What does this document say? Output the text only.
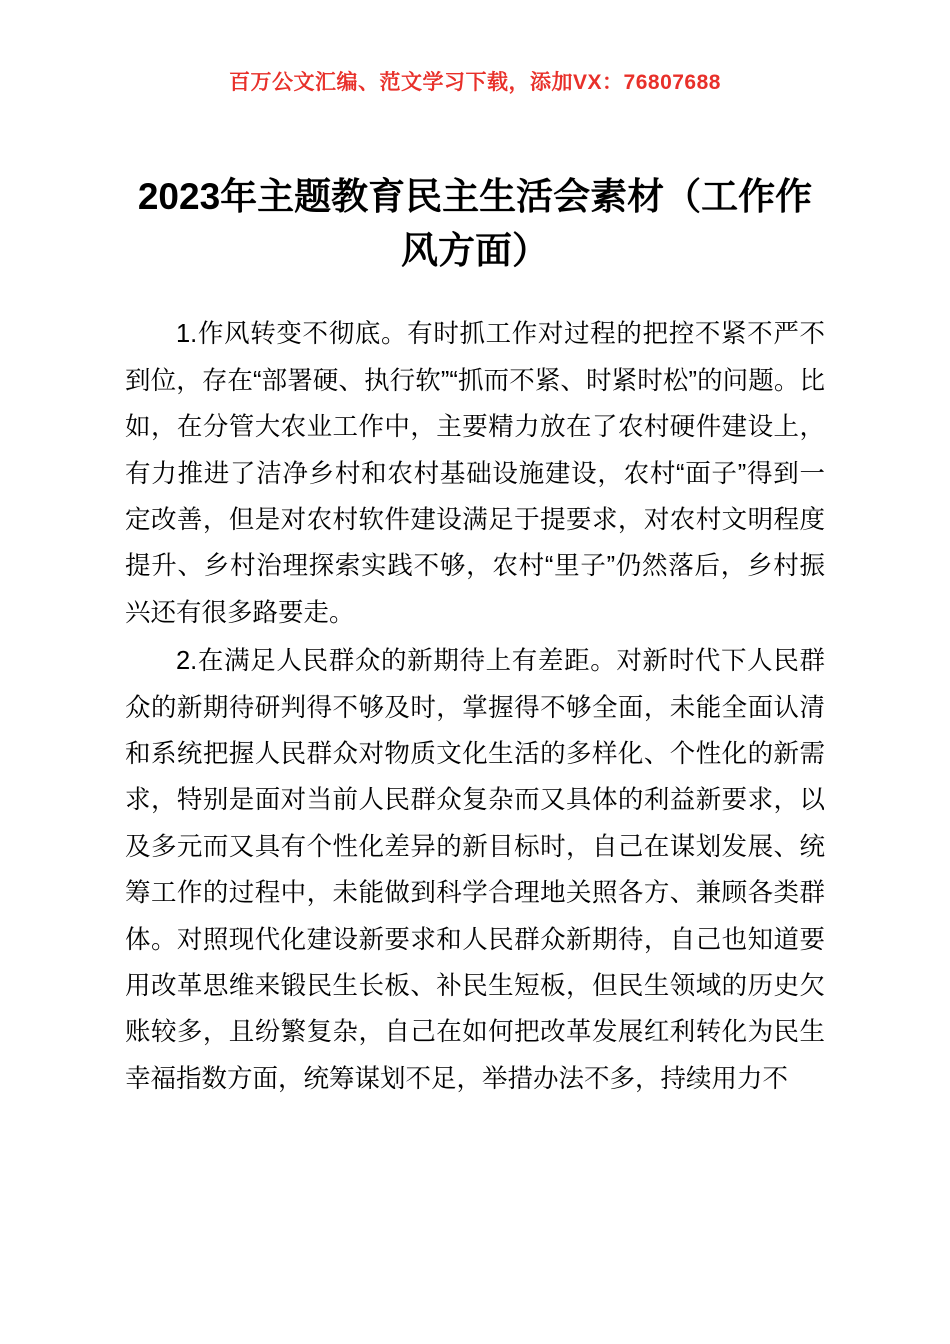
百万公文汇编、范文学习下载，添加VX：76807688
2023年主题教育民主生活会素材（工作作风方面）

1.作风转变不彻底。有时抓工作对过程的把控不紧不严不到位，存在“部署硬、执行软”“抓而不紧、时紧时松”的问题。比如，在分管大农业工作中，主要精力放在了农村硬件建设上，有力推进了洁净乡村和农村基础设施建设，农村“面子”得到一定改善，但是对农村软件建设满足于提要求，对农村文明程度提升、乡村治理探索实践不够，农村“里子”仍然落后，乡村振兴还有很多路要走。

2.在满足人民群众的新期待上有差距。对新时代下人民群众的新期待研判得不够及时，掌握得不够全面，未能全面认清和系统把握人民群众对物质文化生活的多样化、个性化的新需求，特别是面对当前人民群众复杂而又具体的利益新要求，以及多元而又具有个性化差异的新目标时，自己在谋划发展、统筹工作的过程中，未能做到科学合理地关照各方、兼顾各类群体。对照现代化建设新要求和人民群众新期待，自己也知道要用改革思维来锻民生长板、补民生短板，但民生领域的历史欠账较多，且纷繁复杂，自己在如何把改革发展红利转化为民生幸福指数方面，统筹谋划不足，举措办法不多，持续用力不
